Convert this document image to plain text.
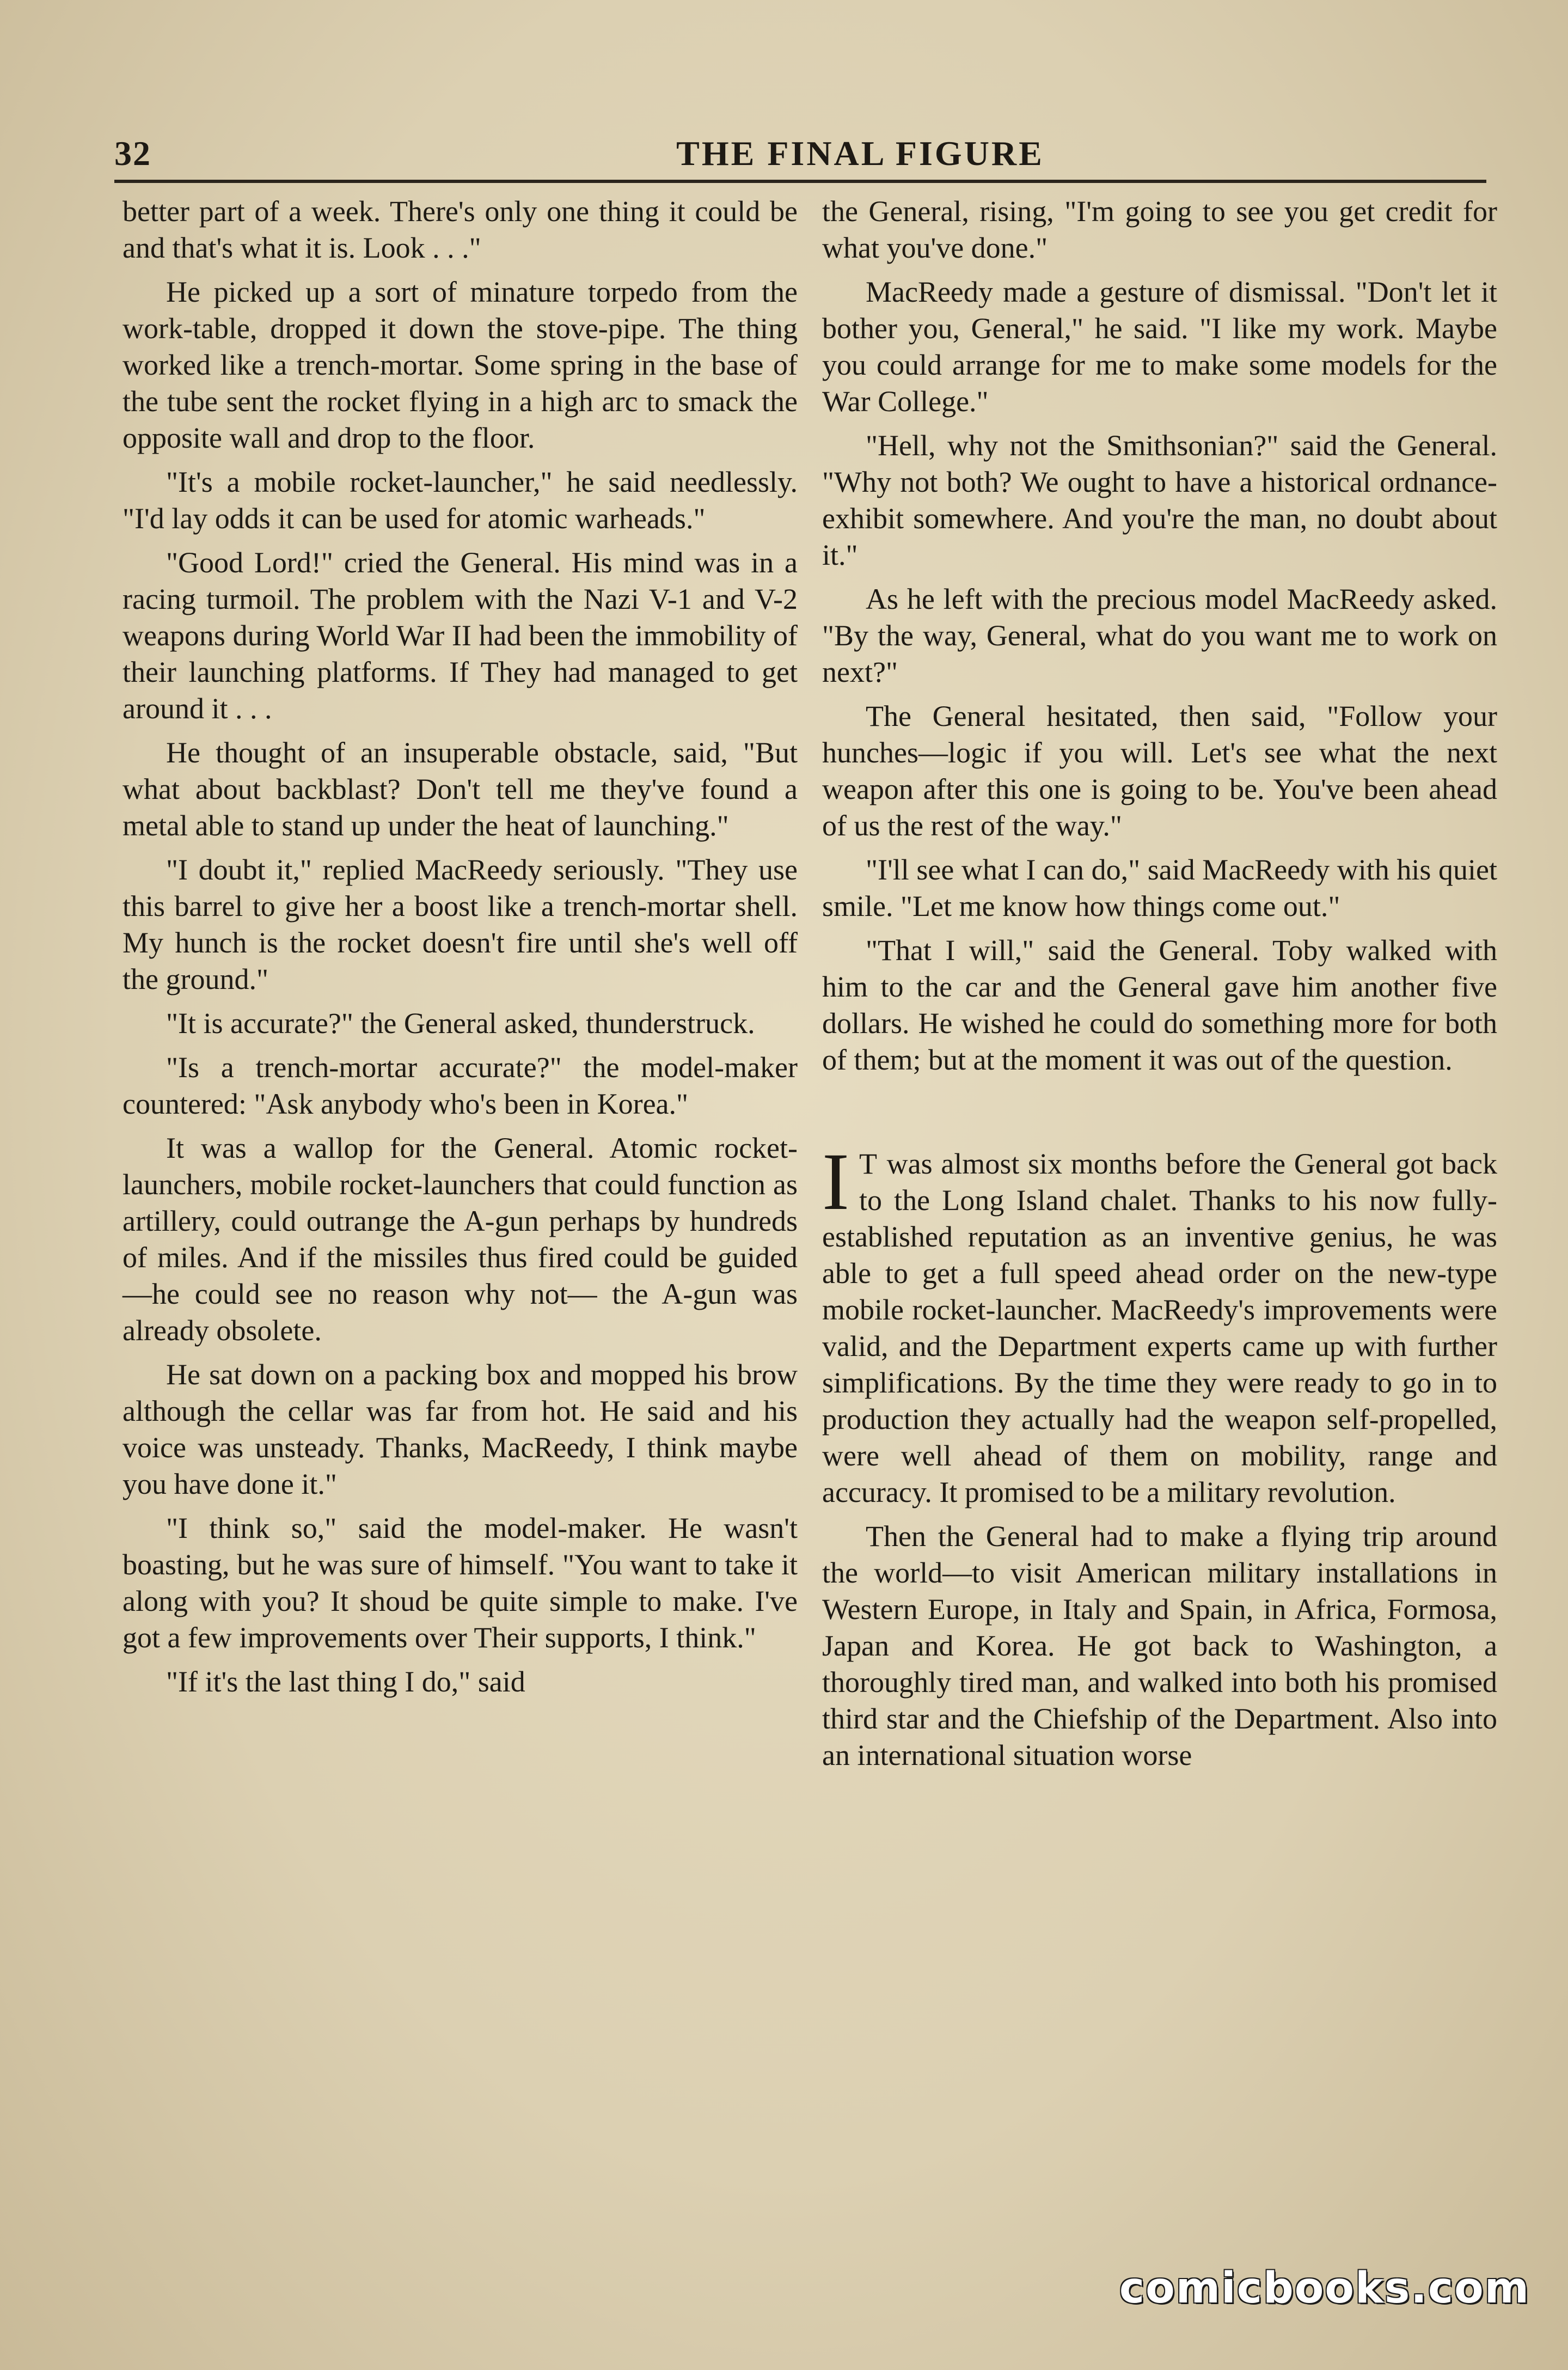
32	THE FINAL FIGURE

better part of a week. There's only one thing it could be and that's what it is. Look . . ."

He picked up a sort of minature torpedo from the work-table, dropped it down the stove-pipe. The thing worked like a trench-mortar. Some spring in the base of the tube sent the rocket flying in a high arc to smack the opposite wall and drop to the floor.

"It's a mobile rocket-launcher," he said needlessly. "I'd lay odds it can be used for atomic warheads."

"Good Lord!" cried the General. His mind was in a racing turmoil. The problem with the Nazi V-1 and V-2 weapons during World War II had been the immobility of their launching platforms. If They had managed to get around it . . .

He thought of an insuperable obstacle, said, "But what about backblast? Don't tell me they've found a metal able to stand up under the heat of launching."

"I doubt it," replied MacReedy seriously. "They use this barrel to give her a boost like a trench-mortar shell. My hunch is the rocket doesn't fire until she's well off the ground."

"It is accurate?" the General asked, thunderstruck.

"Is a trench-mortar accurate?" the model-maker countered: "Ask anybody who's been in Korea."

It was a wallop for the General. Atomic rocket-launchers, mobile rocket-launchers that could function as artillery, could outrange the A-gun perhaps by hundreds of miles. And if the missiles thus fired could be guided —he could see no reason why not— the A-gun was already obsolete.

He sat down on a packing box and mopped his brow although the cellar was far from hot. He said and his voice was unsteady. Thanks, MacReedy, I think maybe you have done it."

"I think so," said the model-maker. He wasn't boasting, but he was sure of himself. "You want to take it along with you? It shoud be quite simple to make. I've got a few improvements over Their supports, I think."

"If it's the last thing I do," said

the General, rising, "I'm going to see you get credit for what you've done."

MacReedy made a gesture of dismissal. "Don't let it bother you, General," he said. "I like my work. Maybe you could arrange for me to make some models for the War College."

"Hell, why not the Smithsonian?" said the General. "Why not both? We ought to have a historical ordnance-exhibit somewhere. And you're the man, no doubt about it."

As he left with the precious model MacReedy asked. "By the way, General, what do you want me to work on next?"

The General hesitated, then said, "Follow your hunches—logic if you will. Let's see what the next weapon after this one is going to be. You've been ahead of us the rest of the way."

"I'll see what I can do," said MacReedy with his quiet smile. "Let me know how things come out."

"That I will," said the General. Toby walked with him to the car and the General gave him another five dollars. He wished he could do something more for both of them; but at the moment it was out of the question.

I T was almost six months before the General got back to the Long Island chalet. Thanks to his now fully-established reputation as an inventive genius, he was able to get a full speed ahead order on the new-type mobile rocket-launcher. MacReedy's improvements were valid, and the Department experts came up with further simplifications. By the time they were ready to go in to production they actually had the weapon self-propelled, were well ahead of them on mobility, range and accuracy. It promised to be a military revolution.

Then the General had to make a flying trip around the world—to visit American military installations in Western Europe, in Italy and Spain, in Africa, Formosa, Japan and Korea. He got back to Washington, a thoroughly tired man, and walked into both his promised third star and the Chiefship of the Department. Also into an international situation worse

comicbooks.com
